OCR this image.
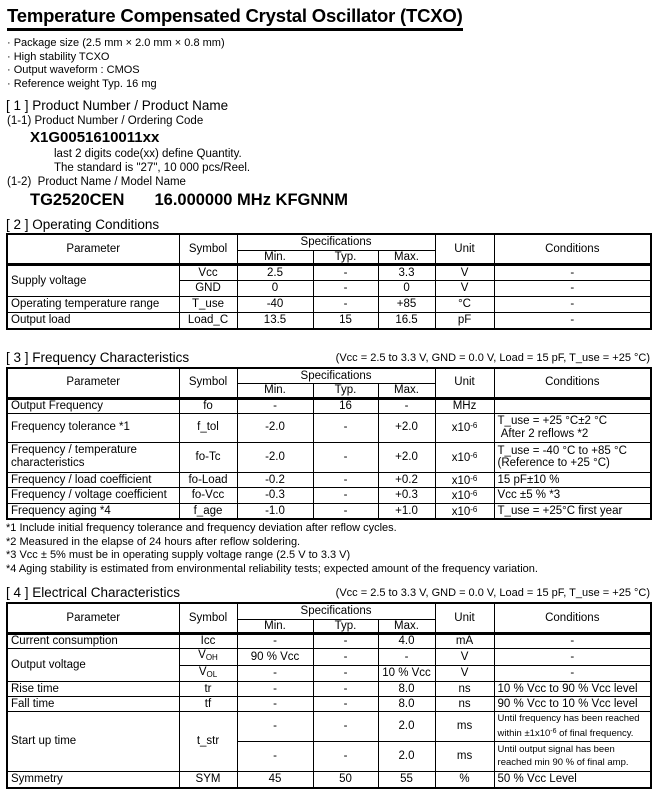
Temperature Compensated Crystal Oscillator (TCXO)
· Package size (2.5 mm × 2.0 mm × 0.8 mm)
· High stability TCXO
· Output waveform : CMOS
· Reference weight Typ. 16 mg
[ 1 ] Product Number / Product Name
(1-1) Product Number / Ordering Code
X1G0051610011xx
last 2 digits code(xx) define Quantity.
The standard is "27", 10 000 pcs/Reel.
(1-2)  Product Name / Model Name
TG2520CEN 16.000000 MHz KFGNNM
[ 2 ] Operating Conditions
Parameter	Symbol	Specifications			Unit	Conditions
		Min.	Typ.	Max.		
Supply voltage	Vcc	2.5	-	3.3	V	-
	GND	0	-	0	V	-
Operating temperature range	T_use	-40	-	+85	°C	-
Output load	Load_C	13.5	15	16.5	pF	-
[ 3 ] Frequency Characteristics	(Vcc = 2.5 to 3.3 V, GND = 0.0 V, Load = 15 pF, T_use = +25 °C)
Parameter	Symbol	Specifications			Unit	Conditions
		Min.	Typ.	Max.		
Output Frequency	fo	-	16	-	MHz	
Frequency tolerance *1	f_tol	-2.0	-	+2.0	$x10^{-6}$	T_use = +25 °C±2 °C
After 2 reflows *2

Frequency / temperature characteristics	fo-Tc	-2.0	-	+2.0	$x10^{-6}$	T_use = -40 °C to +85 °C
(Reference to +25 °C)

Frequency / load coefficient	fo-Load	-0.2	-	+0.2	$x10^{-6}$	15 pF±10 %
Frequency / voltage coefficient	fo-Vcc	-0.3	-	+0.3	$x10^{-6}$	Vcc ±5 % *3
Frequency aging *4	f_age	-1.0	-	+1.0	$x10^{-6}$	T_use = +25°C first year
*1 Include initial frequency tolerance and frequency deviation after reflow cycles.
*2 Measured in the elapse of 24 hours after reflow soldering.
*3 Vcc ± 5% must be in operating supply voltage range (2.5 V to 3.3 V)
*4 Aging stability is estimated from environmental reliability tests; expected amount of the frequency variation.
[ 4 ] Electrical Characteristics	(Vcc = 2.5 to 3.3 V, GND = 0.0 V, Load = 15 pF, T_use = +25 °C)
Parameter	Symbol	Specifications			Unit	Conditions
		Min.	Typ.	Max.		
Current consumption	Icc	-	-	4.0	mA	-
Output voltage	$V_{OH}$	90 % Vcc	-	-	V	-
	$V_{OL}$	-	-	10 % Vcc	V	-
Rise time	tr	-	-	8.0	ns	10 % Vcc to 90 % Vcc level
Fall time	tf	-	-	8.0	ns	90 % Vcc to 10 % Vcc level
Start up time	t_str	-	-	2.0	ms	Until frequency has been reached
within $\pm 1x10^{-6}$ of final frequency.

		-	-	2.0	ms	Until output signal has been
reached min 90 % of final amp.

Symmetry	SYM	45	50	55	%	50 % Vcc Level
